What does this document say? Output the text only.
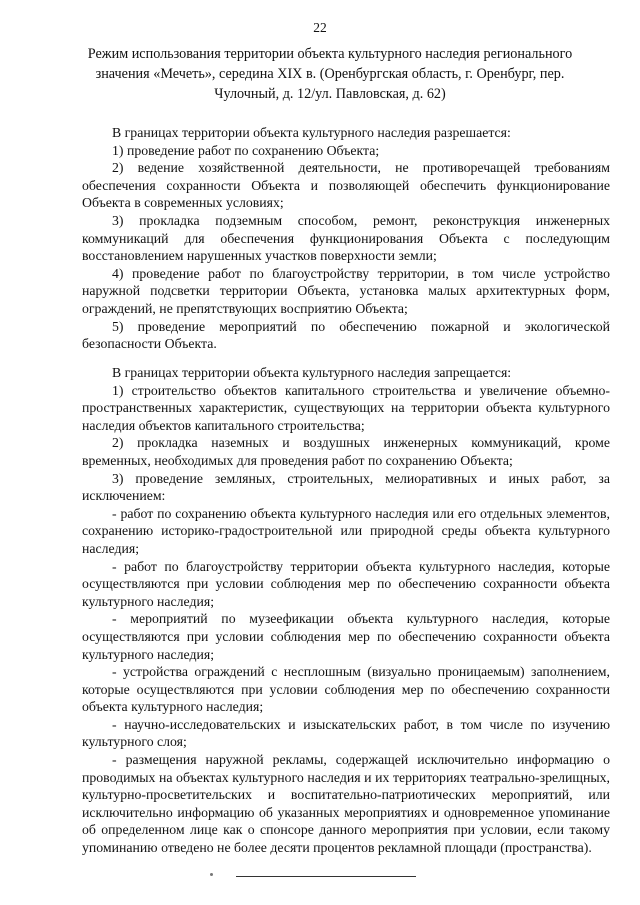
22
Режим использования территории объекта культурного наследия регионального
значения «Мечеть», середина XIX в. (Оренбургская область, г. Оренбург, пер.
Чулочный, д. 12/ул. Павловская, д. 62)

В границах территории объекта культурного наследия разрешается:

1) проведение работ по сохранению Объекта;

2) ведение хозяйственной деятельности, не противоречащей требованиям обеспечения сохранности Объекта и позволяющей обеспечить функционирование Объекта в современных условиях;

3) прокладка подземным способом, ремонт, реконструкция инженерных коммуникаций для обеспечения функционирования Объекта с последующим восстановлением нарушенных участков поверхности земли;

4) проведение работ по благоустройству территории, в том числе устройство наружной подсветки территории Объекта, установка малых архитектурных форм, ограждений, не препятствующих восприятию Объекта;

5) проведение мероприятий по обеспечению пожарной и экологической безопасности Объекта.

В границах территории объекта культурного наследия запрещается:

1) строительство объектов капитального строительства и увеличение объемно-пространственных характеристик, существующих на территории объекта культурного наследия объектов капитального строительства;

2) прокладка наземных и воздушных инженерных коммуникаций, кроме временных, необходимых для проведения работ по сохранению Объекта;

3) проведение земляных, строительных, мелиоративных и иных работ, за исключением:

- работ по сохранению объекта культурного наследия или его отдельных элементов, сохранению историко-градостроительной или природной среды объекта культурного наследия;

- работ по благоустройству территории объекта культурного наследия, которые осуществляются при условии соблюдения мер по обеспечению сохранности объекта культурного наследия;

- мероприятий по музеефикации объекта культурного наследия, которые осуществляются при условии соблюдения мер по обеспечению сохранности объекта культурного наследия;

- устройства ограждений с несплошным (визуально проницаемым) заполнением, которые осуществляются при условии соблюдения мер по обеспечению сохранности объекта культурного наследия;

- научно-исследовательских и изыскательских работ, в том числе по изучению культурного слоя;

- размещения наружной рекламы, содержащей исключительно информацию о проводимых на объектах культурного наследия и их территориях театрально-зрелищных, культурно-просветительских и воспитательно-патриотических мероприятий, или исключительно информацию об указанных мероприятиях и одновременное упоминание об определенном лице как о спонсоре данного мероприятия при условии, если такому упоминанию отведено не более десяти процентов рекламной площади (пространства).
